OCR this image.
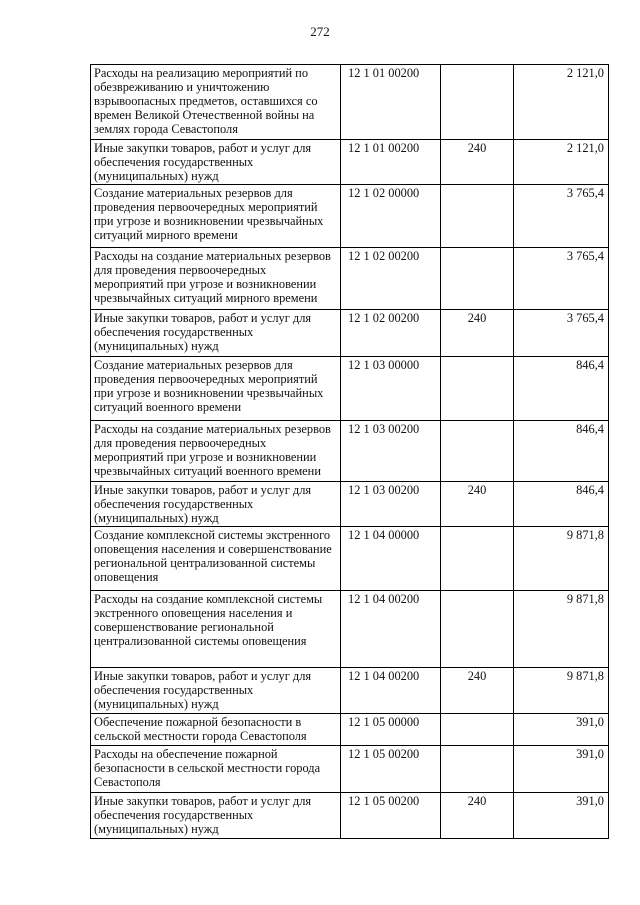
272
Расходы на реализацию мероприятий по обезвреживанию и уничтожению взрывоопасных предметов, оставшихся со времен Великой Отечественной войны на землях города Севастополя	12 1 01 00200		2 121,0
Иные закупки товаров, работ и услуг для обеспечения государственных (муниципальных) нужд	12 1 01 00200	240	2 121,0
Создание материальных резервов для проведения первоочередных мероприятий при угрозе и возникновении чрезвычайных ситуаций мирного времени	12 1 02 00000		3 765,4
Расходы на создание материальных резервов для проведения первоочередных мероприятий при угрозе и возникновении чрезвычайных ситуаций мирного времени	12 1 02 00200		3 765,4
Иные закупки товаров, работ и услуг для обеспечения государственных (муниципальных) нужд	12 1 02 00200	240	3 765,4
Создание материальных резервов для проведения первоочередных мероприятий при угрозе и возникновении чрезвычайных ситуаций военного времени	12 1 03 00000		846,4
Расходы на создание материальных резервов для проведения первоочередных мероприятий при угрозе и возникновении чрезвычайных ситуаций военного времени	12 1 03 00200		846,4
Иные закупки товаров, работ и услуг для обеспечения государственных (муниципальных) нужд	12 1 03 00200	240	846,4
Создание комплексной системы экстренного оповещения населения и совершенствование региональной централизованной системы оповещения	12 1 04 00000		9 871,8
Расходы на создание комплексной системы экстренного оповещения населения и совершенствование региональной централизованной системы оповещения	12 1 04 00200		9 871,8
Иные закупки товаров, работ и услуг для обеспечения государственных (муниципальных) нужд	12 1 04 00200	240	9 871,8
Обеспечение пожарной безопасности в сельской местности города Севастополя	12 1 05 00000		391,0
Расходы на обеспечение пожарной безопасности в сельской местности города Севастополя	12 1 05 00200		391,0
Иные закупки товаров, работ и услуг для обеспечения государственных (муниципальных) нужд	12 1 05 00200	240	391,0
